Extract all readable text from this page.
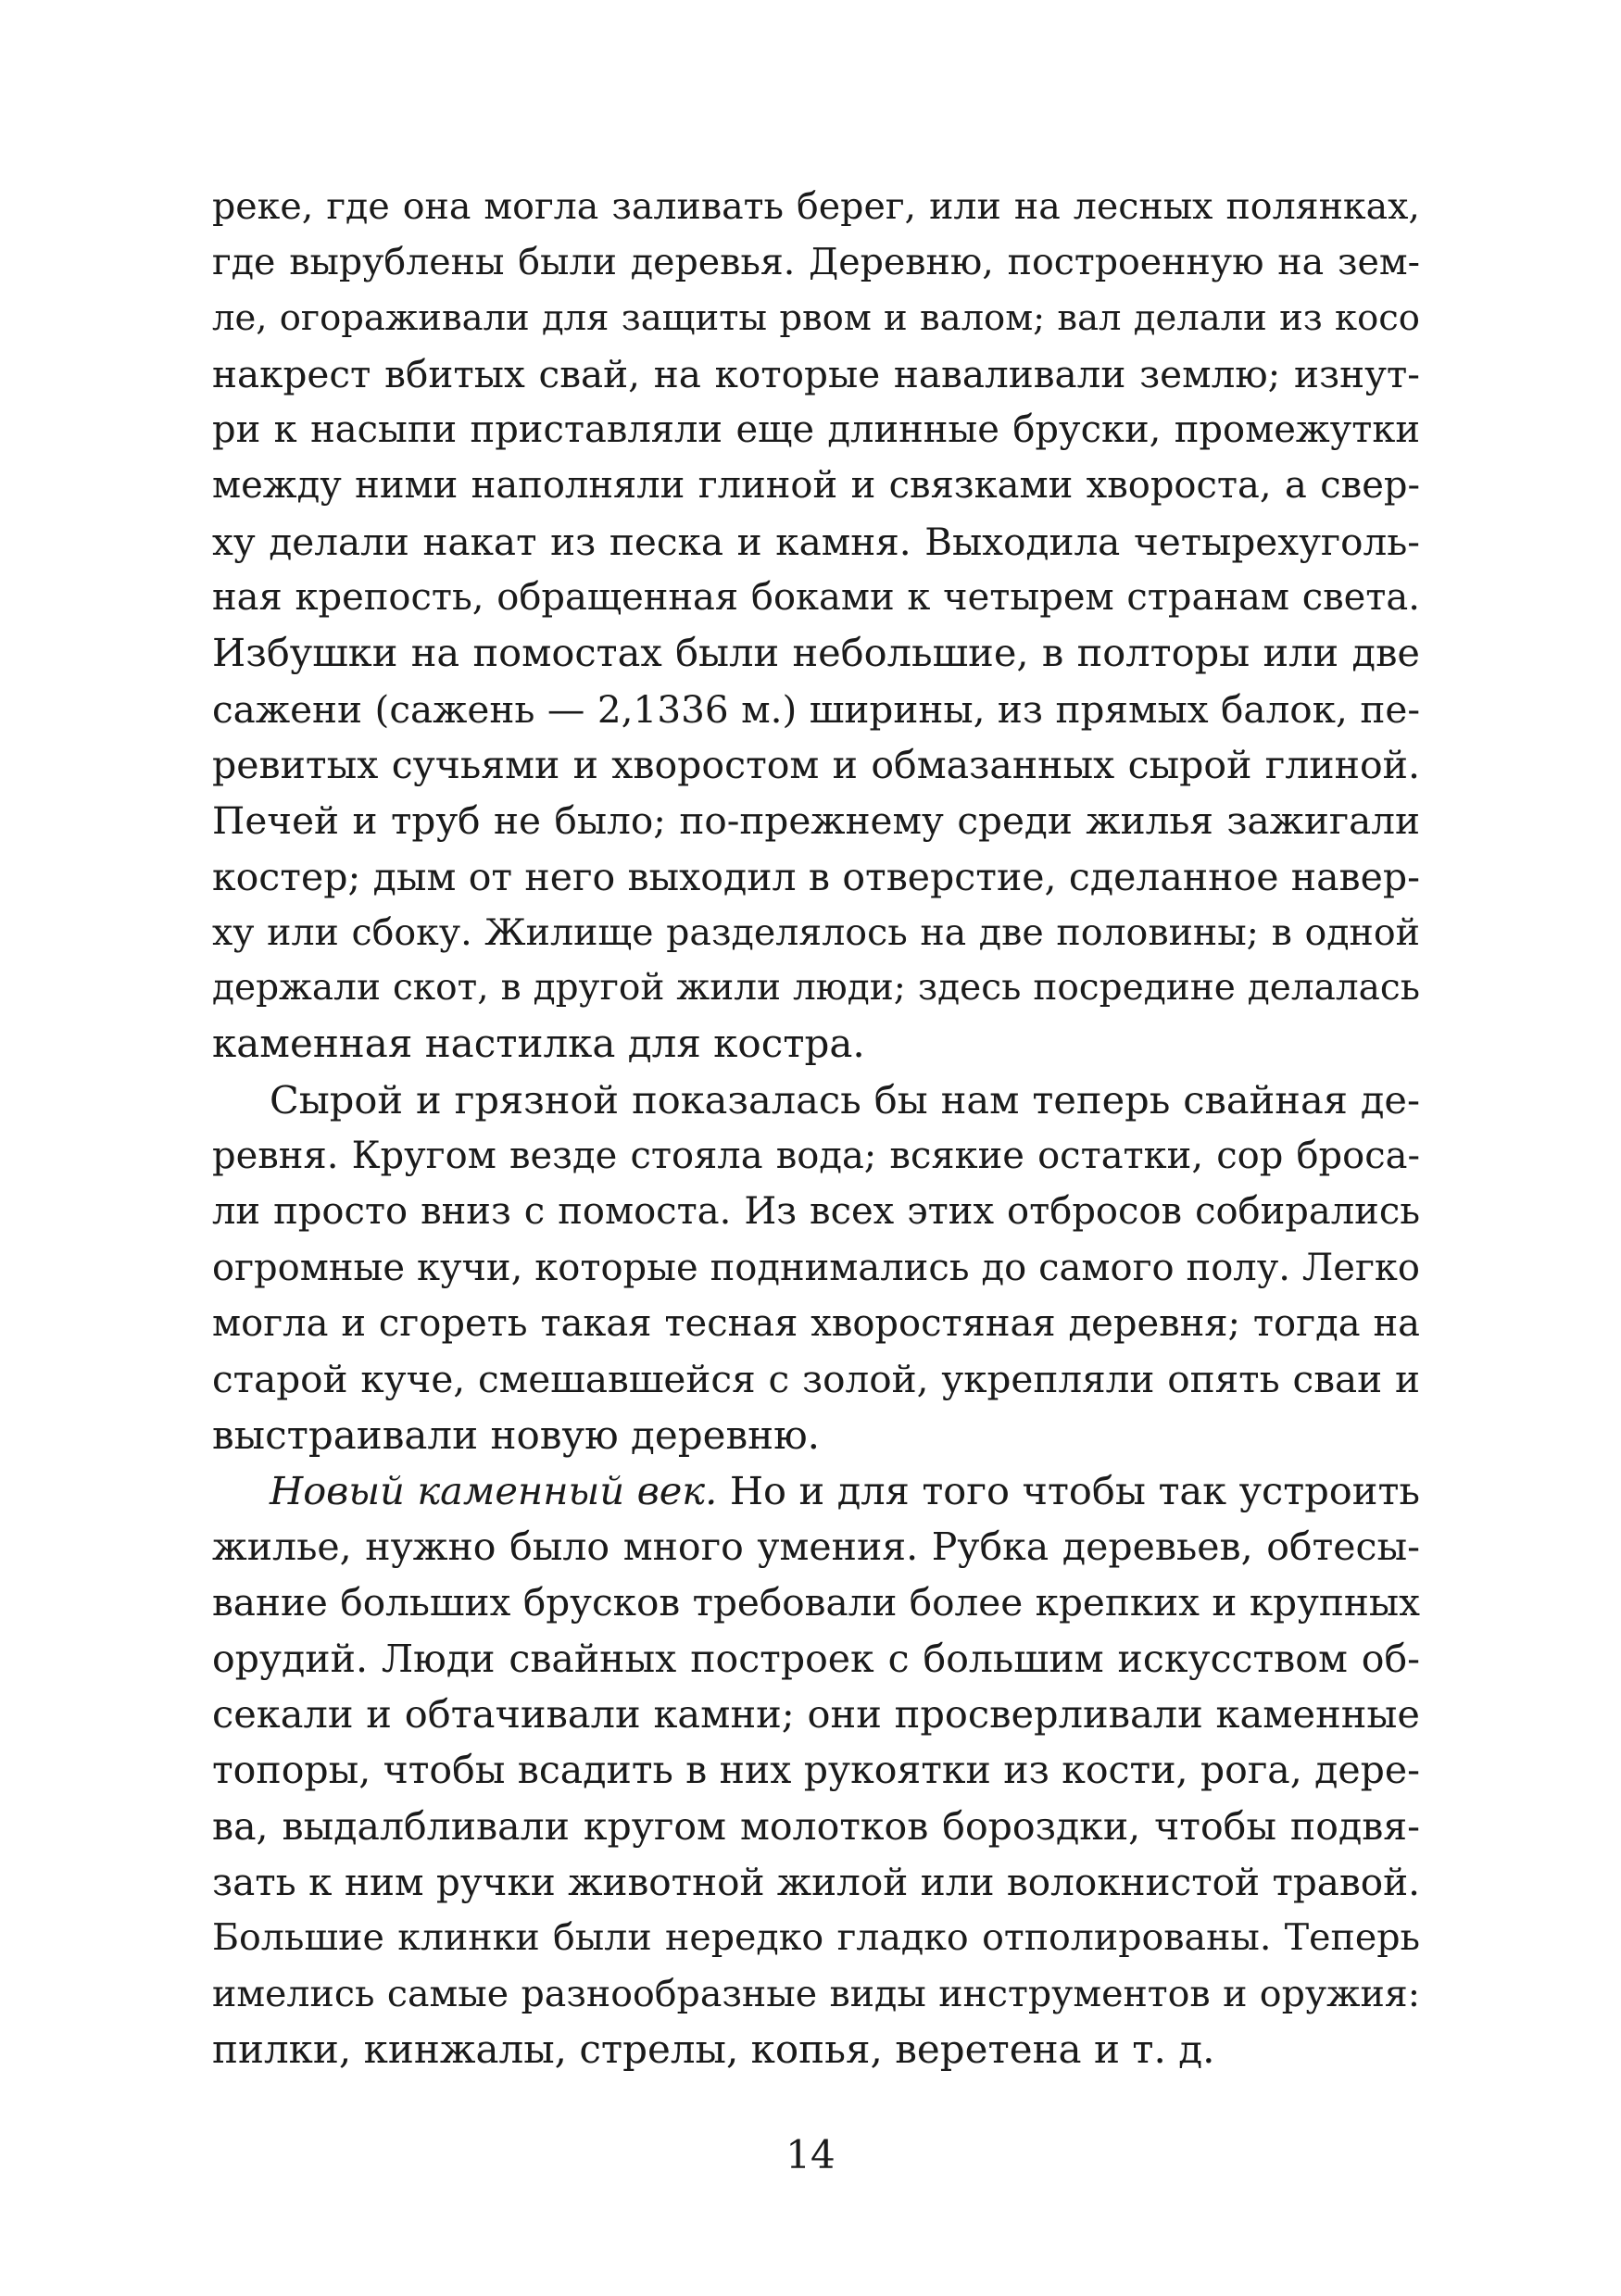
реке, где она могла заливать берег, или на лесных полянках,
где вырублены были деревья. Деревню, построенную на зем-
ле, огораживали для защиты рвом и валом; вал делали из косо
накрест вбитых свай, на которые наваливали землю; изнут-
ри к насыпи приставляли еще длинные бруски, промежутки
между ними наполняли глиной и связками хвороста, а свер-
ху делали накат из песка и камня. Выходила четырехуголь-
ная крепость, обращенная боками к четырем странам света.
Избушки на помостах были небольшие, в полторы или две
сажени (сажень — 2,1336 м.) ширины, из прямых балок, пе-
ревитых сучьями и хворостом и обмазанных сырой глиной.
Печей и труб не было; по-прежнему среди жилья зажигали
костер; дым от него выходил в отверстие, сделанное навер-
ху или сбоку. Жилище разделялось на две половины; в одной
держали скот, в другой жили люди; здесь посредине делалась
каменная настилка для костра.
Сырой и грязной показалась бы нам теперь свайная де-
ревня. Кругом везде стояла вода; всякие остатки, сор броса-
ли просто вниз с помоста. Из всех этих отбросов собирались
огромные кучи, которые поднимались до самого полу. Легко
могла и сгореть такая тесная хворостяная деревня; тогда на
старой куче, смешавшейся с золой, укрепляли опять сваи и
выстраивали новую деревню.
Новый каменный век. Но и для того чтобы так устроить
жилье, нужно было много умения. Рубка деревьев, обтесы-
вание больших брусков требовали более крепких и крупных
орудий. Люди свайных построек с большим искусством об-
секали и обтачивали камни; они просверливали каменные
топоры, чтобы всадить в них рукоятки из кости, рога, дере-
ва, выдалбливали кругом молотков бороздки, чтобы подвя-
зать к ним ручки животной жилой или волокнистой травой.
Большие клинки были нередко гладко отполированы. Теперь
имелись самые разнообразные виды инструментов и оружия:
пилки, кинжалы, стрелы, копья, веретена и т. д.
14
